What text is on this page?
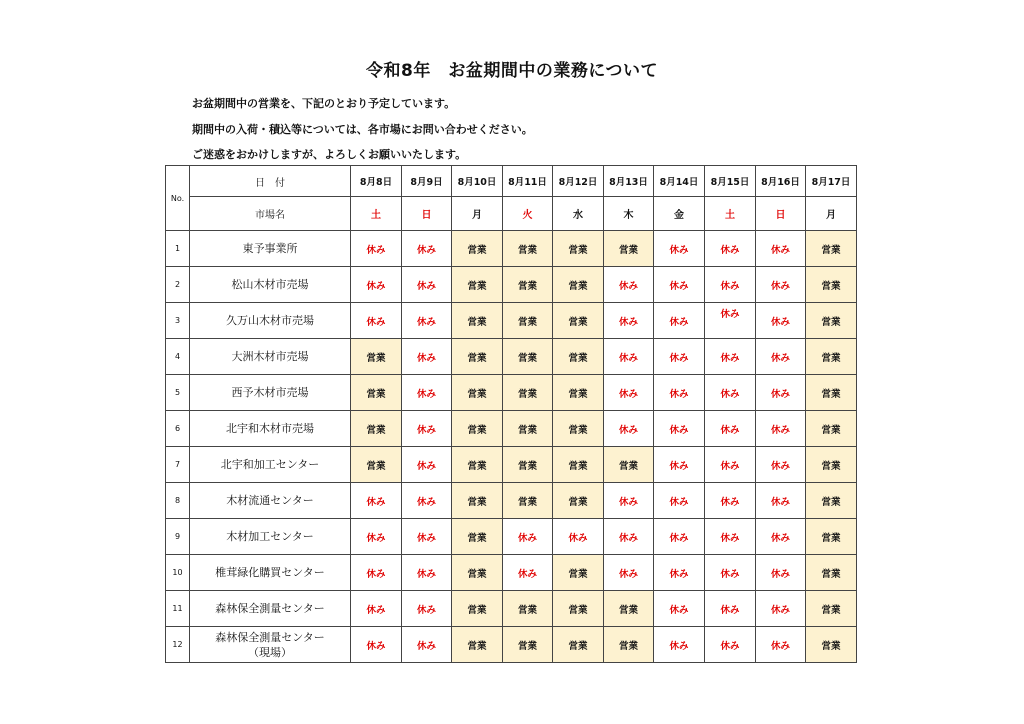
令和8年　お盆期間中の業務について
お盆期間中の営業を、下記のとおり予定しています。
期間中の入荷・積込等については、各市場にお問い合わせください。
ご迷惑をおかけしますが、よろしくお願いいたします。
No.	日　付	8月8日	8月9日	8月10日	8月11日	8月12日	8月13日	8月14日	8月15日	8月16日	8月17日
	市場名	土	日	月	火	水	木	金	土	日	月
1	東予事業所	休み	休み	営業	営業	営業	営業	休み	休み	休み	営業
2	松山木材市売場	休み	休み	営業	営業	営業	休み	休み	休み	休み	営業
3	久万山木材市売場	休み	休み	営業	営業	営業	休み	休み	休み	休み	営業
4	大洲木材市売場	営業	休み	営業	営業	営業	休み	休み	休み	休み	営業
5	西予木材市売場	営業	休み	営業	営業	営業	休み	休み	休み	休み	営業
6	北宇和木材市売場	営業	休み	営業	営業	営業	休み	休み	休み	休み	営業
7	北宇和加工センター	営業	休み	営業	営業	営業	営業	休み	休み	休み	営業
8	木材流通センター	休み	休み	営業	営業	営業	休み	休み	休み	休み	営業
9	木材加工センター	休み	休み	営業	休み	休み	休み	休み	休み	休み	営業
10	椎茸緑化購買センター	休み	休み	営業	休み	営業	休み	休み	休み	休み	営業
11	森林保全測量センター	休み	休み	営業	営業	営業	営業	休み	休み	休み	営業
12	森林保全測量センター
（現場）	休み	休み	営業	営業	営業	営業	休み	休み	休み	営業
